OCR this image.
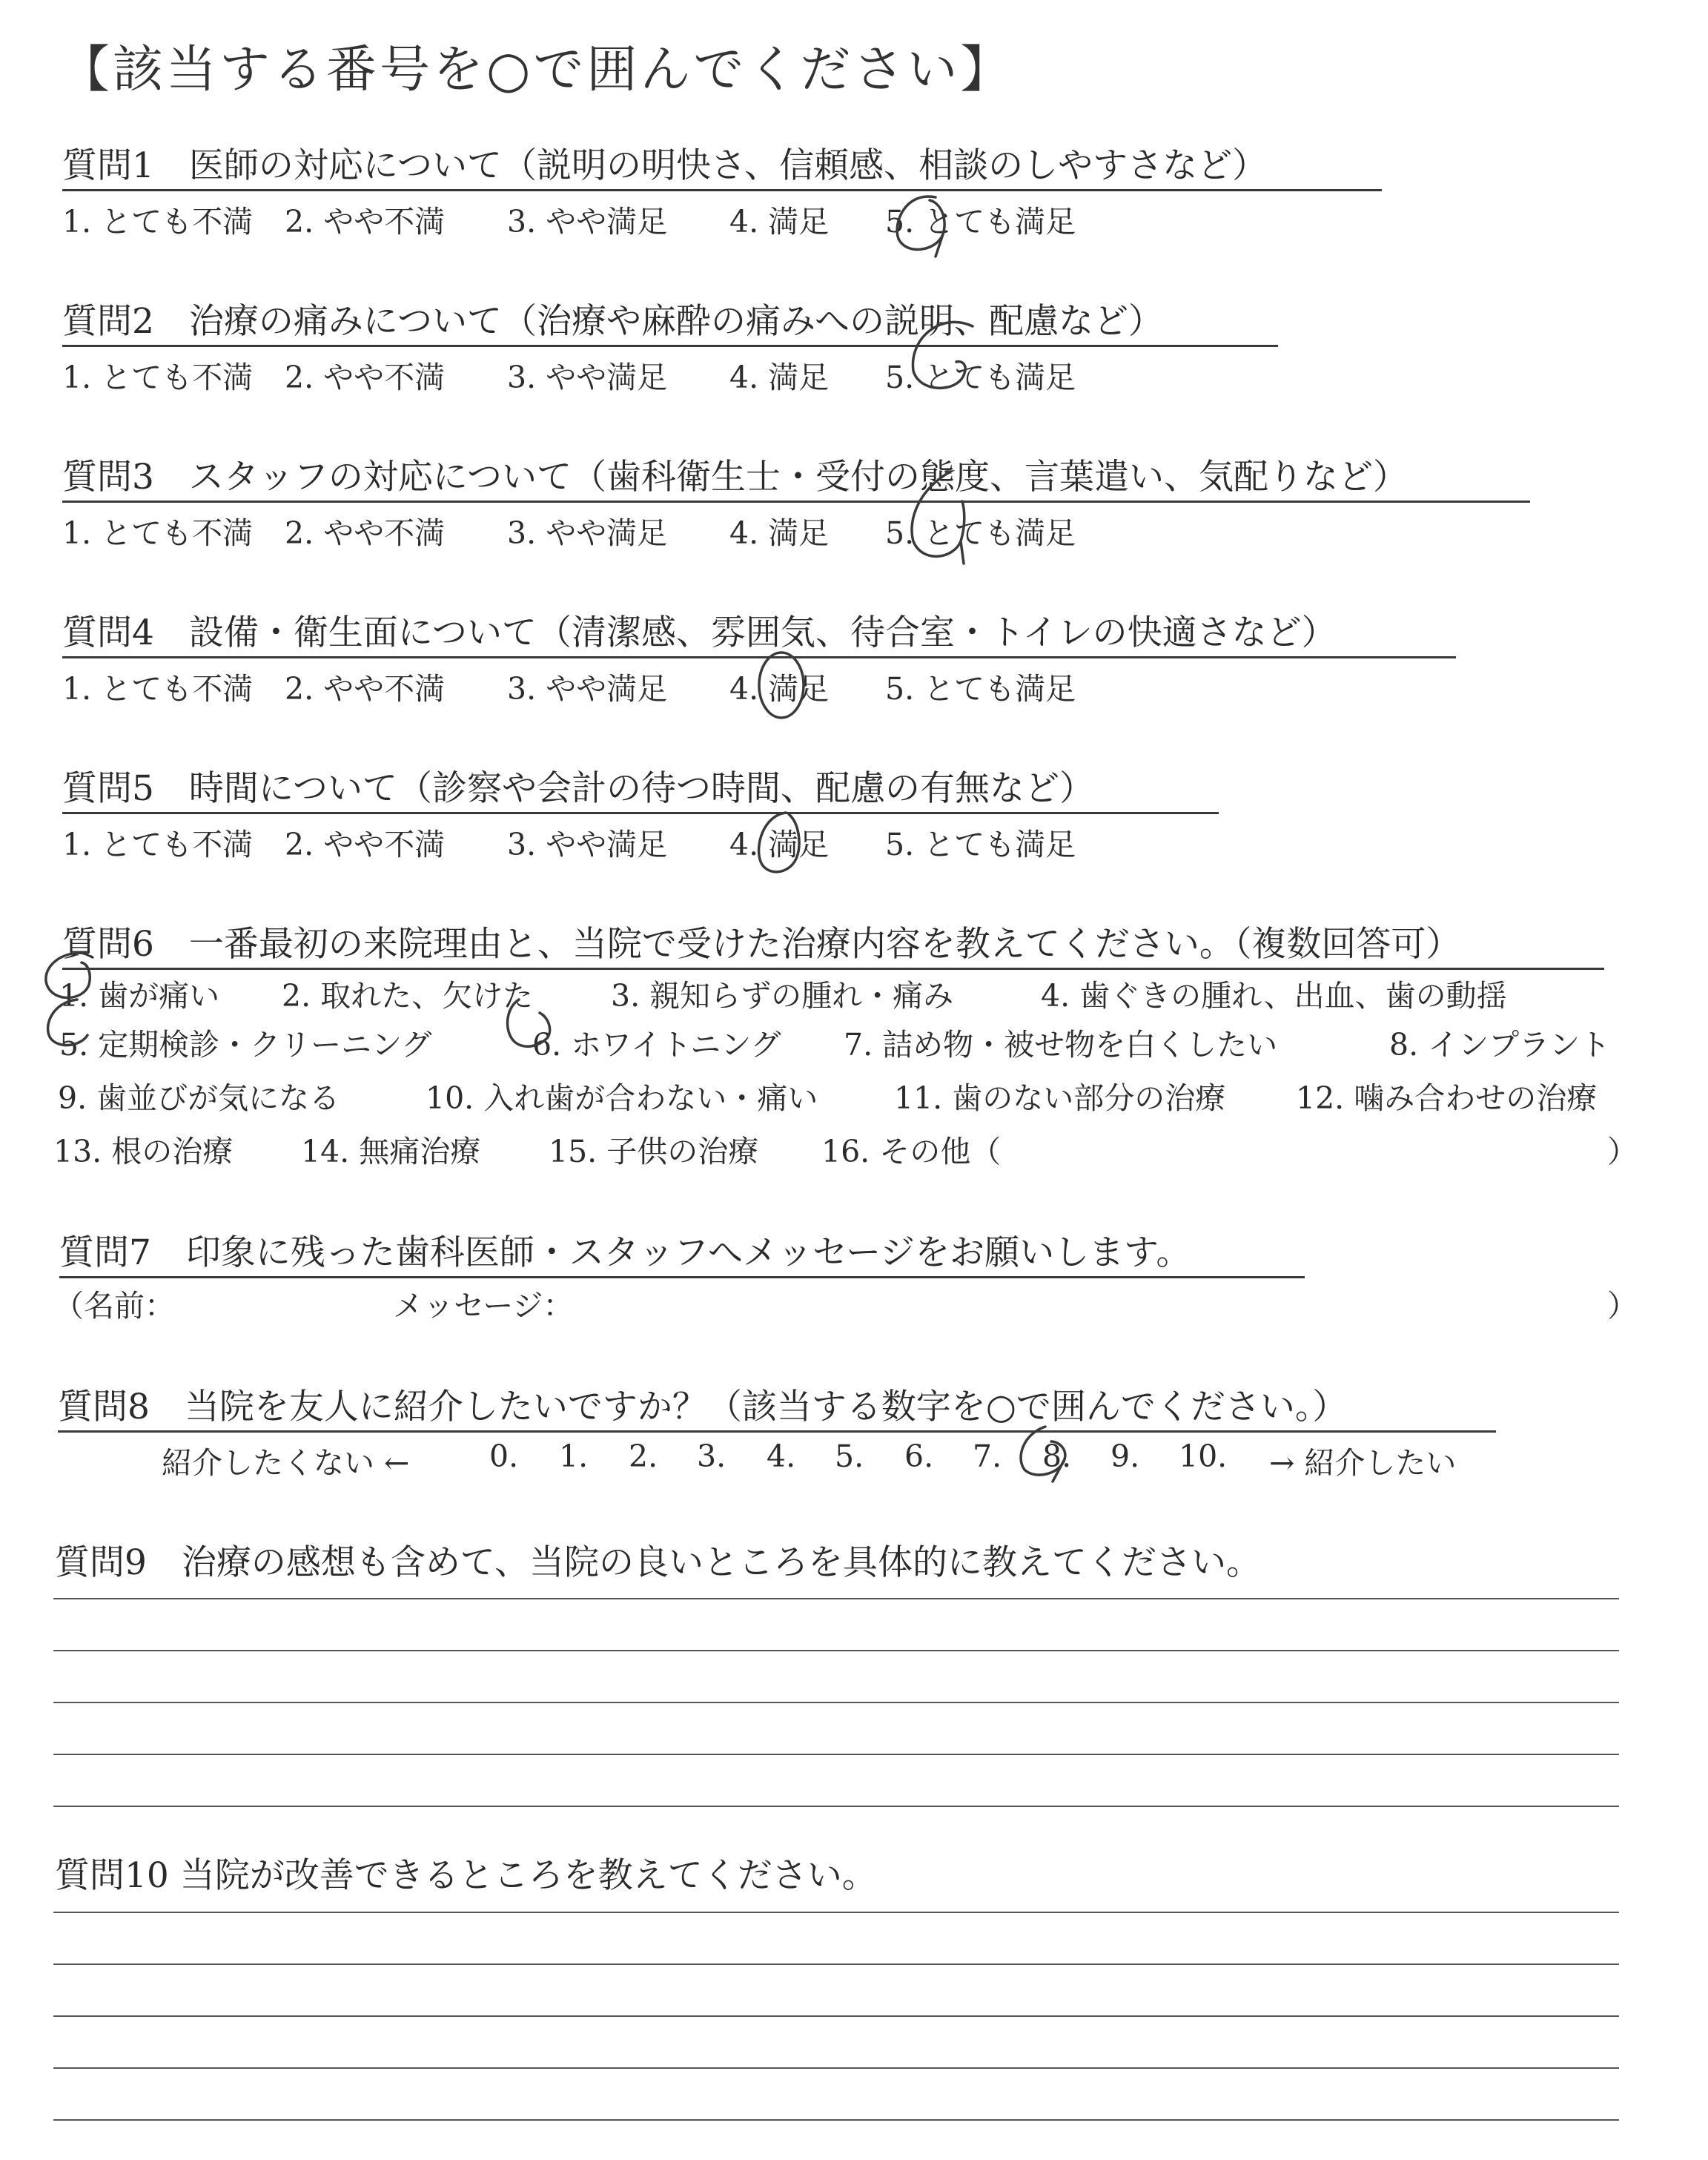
【該当する番号を○で囲んでください】
質問1　医師の対応について（説明の明快さ、信頼感、相談のしやすさなど）
1. とても不満	2. やや不満	3. やや満足	4. 満足	5. とても満足
質問2　治療の痛みについて（治療や麻酔の痛みへの説明、配慮など）
1. とても不満	2. やや不満	3. やや満足	4. 満足	5. とても満足
質問3　スタッフの対応について（歯科衛生士・受付の態度、言葉遣い、気配りなど）
1. とても不満	2. やや不満	3. やや満足	4. 満足	5. とても満足
質問4　設備・衛生面について（清潔感、雰囲気、待合室・トイレの快適さなど）
1. とても不満	2. やや不満	3. やや満足	4. 満足	5. とても満足
質問5　時間について（診察や会計の待つ時間、配慮の有無など）
1. とても不満	2. やや不満	3. やや満足	4. 満足	5. とても満足
質問6　一番最初の来院理由と、当院で受けた治療内容を教えてください。（複数回答可）
1. 歯が痛い 2. 取れた、欠けた	3. 親知らずの腫れ・痛み	4. 歯ぐきの腫れ、出血、歯の動揺
5. 定期検診・クリーニング	6. ホワイトニング 7. 詰め物・被せ物を白くしたい	8. インプラント
9. 歯並びが気になる	10. 入れ歯が合わない・痛い	11. 歯のない部分の治療 12. 噛み合わせの治療
13. 根の治療 14. 無痛治療 15. 子供の治療 16. その他（	）
質問7　印象に残った歯科医師・スタッフへメッセージをお願いします。
（名前：	メッセージ：	）
質問8　当院を友人に紹介したいですか？（該当する数字を○で囲んでください。）
紹介したくない ←	0. 1. 2. 3. 4. 5. 6. 7. 8. 9. 10. → 紹介したい
質問9　治療の感想も含めて、当院の良いところを具体的に教えてください。
質問10 当院が改善できるところを教えてください。
